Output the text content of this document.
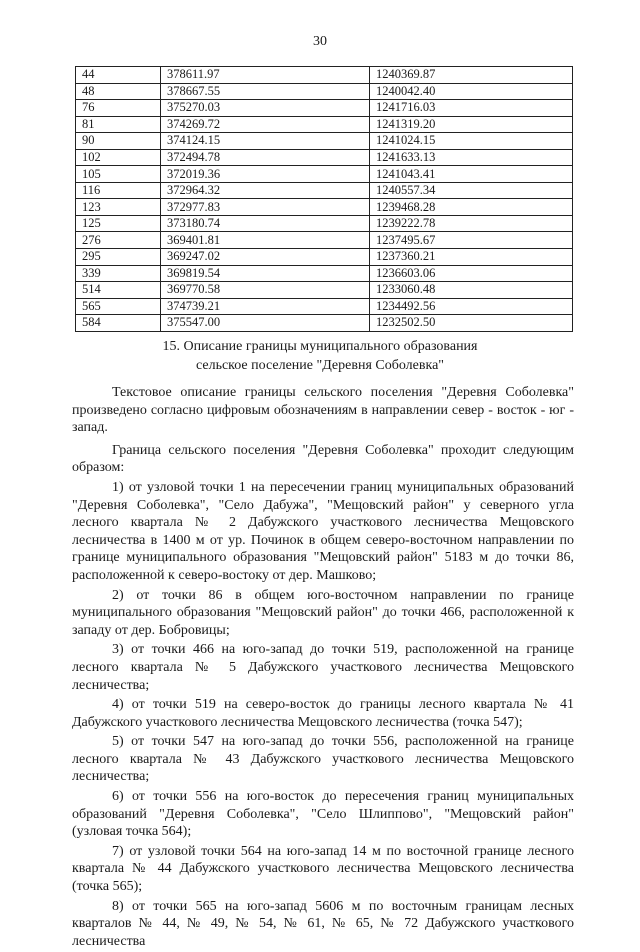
30
44	378611.97	1240369.87
48	378667.55	1240042.40
76	375270.03	1241716.03
81	374269.72	1241319.20
90	374124.15	1241024.15
102	372494.78	1241633.13
105	372019.36	1241043.41
116	372964.32	1240557.34
123	372977.83	1239468.28
125	373180.74	1239222.78
276	369401.81	1237495.67
295	369247.02	1237360.21
339	369819.54	1236603.06
514	369770.58	1233060.48
565	374739.21	1234492.56
584	375547.00	1232502.50
15. Описание границы муниципального образования
сельское поселение "Деревня Соболевка"

Текстовое описание границы сельского поселения "Деревня Соболевка" произведено согласно цифровым обозначениям в направлении север - восток - юг - запад.

Граница сельского поселения "Деревня Соболевка" проходит следующим образом:

1) от узловой точки 1 на пересечении границ муниципальных образований "Деревня Соболевка", "Село Дабужа", "Мещовский район" у северного угла лесного квартала № 2 Дабужского участкового лесничества Мещовского лесничества в 1400 м от ур. Починок в общем северо-восточном направлении по границе муниципального образования "Мещовский район" 5183 м до точки 86, расположенной к северо-востоку от дер. Машково;

2) от точки 86 в общем юго-восточном направлении по границе муниципального образования "Мещовский район" до точки 466, расположенной к западу от дер. Бобровицы;

3) от точки 466 на юго-запад до точки 519, расположенной на границе лесного квартала № 5 Дабужского участкового лесничества Мещовского лесничества;

4) от точки 519 на северо-восток до границы лесного квартала № 41 Дабужского участкового лесничества Мещовского лесничества (точка 547);

5) от точки 547 на юго-запад до точки 556, расположенной на границе лесного квартала № 43 Дабужского участкового лесничества Мещовского лесничества;

6) от точки 556 на юго-восток до пересечения границ муниципальных образований "Деревня Соболевка", "Село Шлиппово", "Мещовский район" (узловая точка 564);

7) от узловой точки 564 на юго-запад 14 м по восточной границе лесного квартала № 44 Дабужского участкового лесничества Мещовского лесничества (точка 565);

8) от точки 565 на юго-запад 5606 м по восточным границам лесных кварталов № 44, № 49, № 54, № 61, № 65, № 72 Дабужского участкового лесничества
